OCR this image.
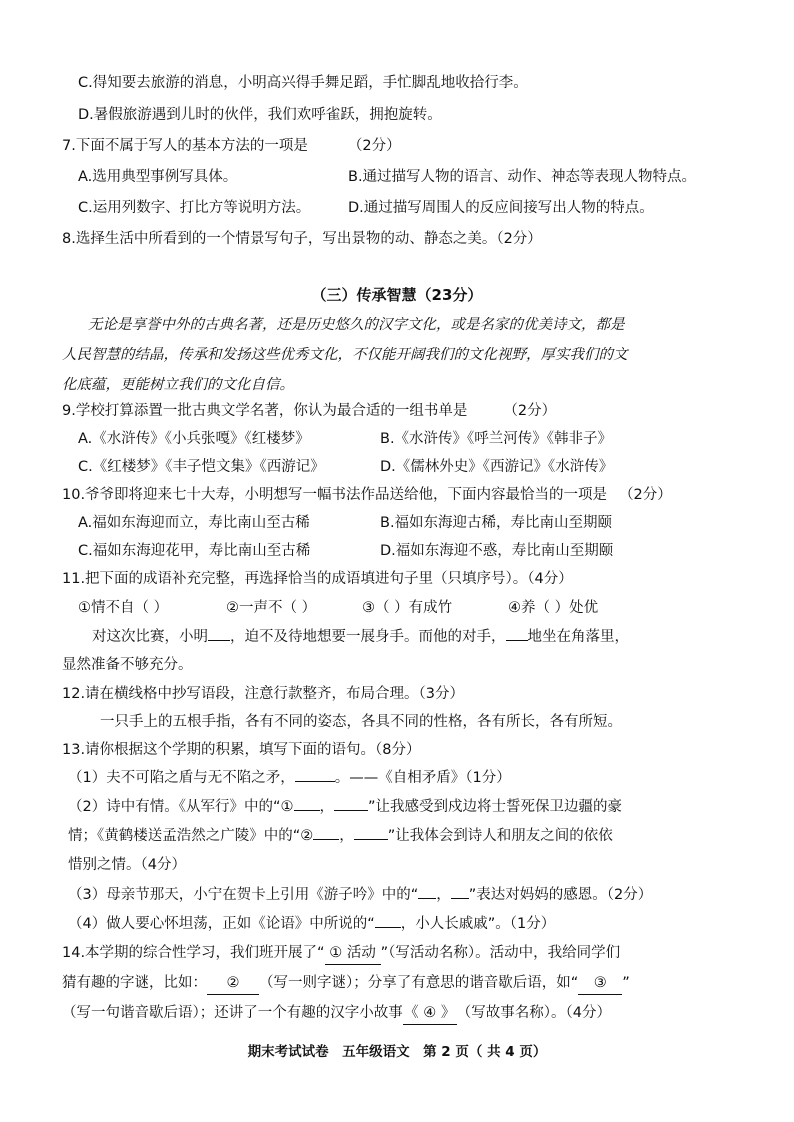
C.得知要去旅游的消息，小明高兴得手舞足蹈，手忙脚乱地收拾行李。
D.暑假旅游遇到儿时的伙伴，我们欢呼雀跃，拥抱旋转。
7.下面不属于写人的基本方法的一项是	（2分）
A.选用典型事例写具体。	B.通过描写人物的语言、动作、神态等表现人物特点。
C.运用列数字、打比方等说明方法。	D.通过描写周围人的反应间接写出人物的特点。
8.选择生活中所看到的一个情景写句子，写出景物的动、静态之美。（2分）
（三）传承智慧（23分）
无论是享誉中外的古典名著，还是历史悠久的汉字文化，或是名家的优美诗文，都是
人民智慧的结晶，传承和发扬这些优秀文化，不仅能开阔我们的文化视野，厚实我们的文
化底蕴，更能树立我们的文化自信。
9.学校打算添置一批古典文学名著，你认为最合适的一组书单是 （2分）
A.《水浒传》《小兵张嘎》《红楼梦》	B.《水浒传》《呼兰河传》《韩非子》
C.《红楼梦》《丰子恺文集》《西游记》	D.《儒林外史》《西游记》《水浒传》
10.爷爷即将迎来七十大寿，小明想写一幅书法作品送给他，下面内容最恰当的一项是 （2分）
A.福如东海迎而立，寿比南山至古稀	B.福如东海迎古稀，寿比南山至期颐
C.福如东海迎花甲，寿比南山至古稀	D.福如东海迎不惑，寿比南山至期颐
11.把下面的成语补充完整，再选择恰当的成语填进句子里（只填序号）。（4分）
①情不自（ ）	②一声不（ ）	③（ ）有成竹	④养（ ）处优
对这次比赛，小明 ，迫不及待地想要一展身手。而他的对手， 地坐在角落里，
显然准备不够充分。
12.请在横线格中抄写语段，注意行款整齐，布局合理。（3分）
一只手上的五根手指，各有不同的姿态，各具不同的性格，各有所长，各有所短。
13.请你根据这个学期的积累，填写下面的语句。（8分）
（1）夫不可陷之盾与无不陷之矛，	。——《自相矛盾》（1分）
（2）诗中有情。《从军行》中的“① ， ”让我感受到戍边将士誓死保卫边疆的豪
情；《黄鹤楼送孟浩然之广陵》中的“② ， ”让我体会到诗人和朋友之间的依依
惜别之情。（4分）
（3）母亲节那天，小宁在贺卡上引用《游子吟》中的“ ， ”表达对妈妈的感恩。（2分）
（4）做人要心怀坦荡，正如《论语》中所说的“ ，小人长戚戚”。（1分）
14.本学期的综合性学习，我们班开展了“ ① 活动 ”（写活动名称）。活动中，我给同学们
猜有趣的字谜，比如： ② （写一则字谜）；分享了有意思的谐音歇后语，如“ ③ ”
（写一句谐音歇后语）；还讲了一个有趣的汉字小故事《 ④ 》（写故事名称）。（4分）
期末考试试卷　五年级语文　第 2 页（ 共 4 页）
